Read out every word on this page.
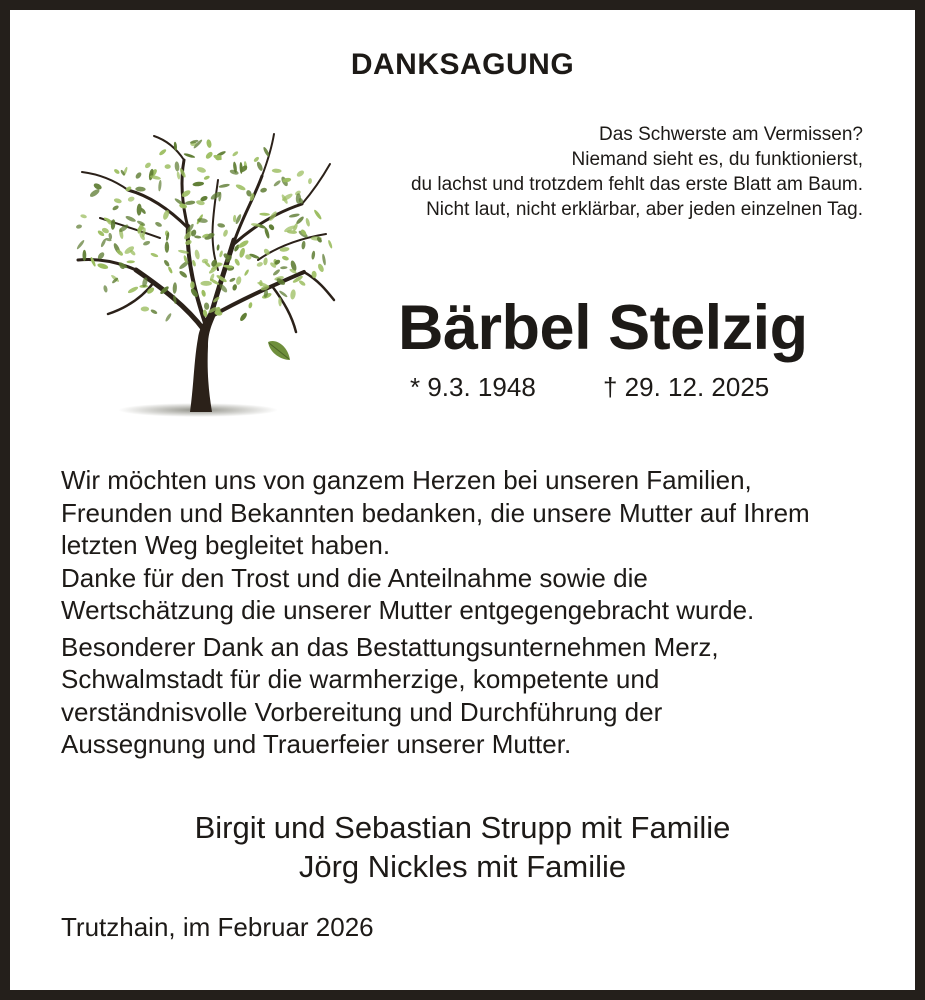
DANKSAGUNG
Das Schwerste am Vermissen?
Niemand sieht es, du funktionierst,
du lachst und trotzdem fehlt das erste Blatt am Baum.
Nicht laut, nicht erklärbar, aber jeden einzelnen Tag.
Bärbel Stelzig
* 9.3. 1948	† 29. 12. 2025

Wir möchten uns von ganzem Herzen bei unseren Familien,
Freunden und Bekannten bedanken, die unsere Mutter auf Ihrem
letzten Weg begleitet haben.

Danke für den Trost und die Anteilnahme sowie die
Wertschätzung die unserer Mutter entgegengebracht wurde.

Besonderer Dank an das Bestattungsunternehmen Merz,
Schwalmstadt für die warmherzige, kompetente und
verständnisvolle Vorbereitung und Durchführung der
Aussegnung und Trauerfeier unserer Mutter.

Birgit und Sebastian Strupp mit Familie
Jörg Nickles mit Familie
Trutzhain, im Februar 2026
